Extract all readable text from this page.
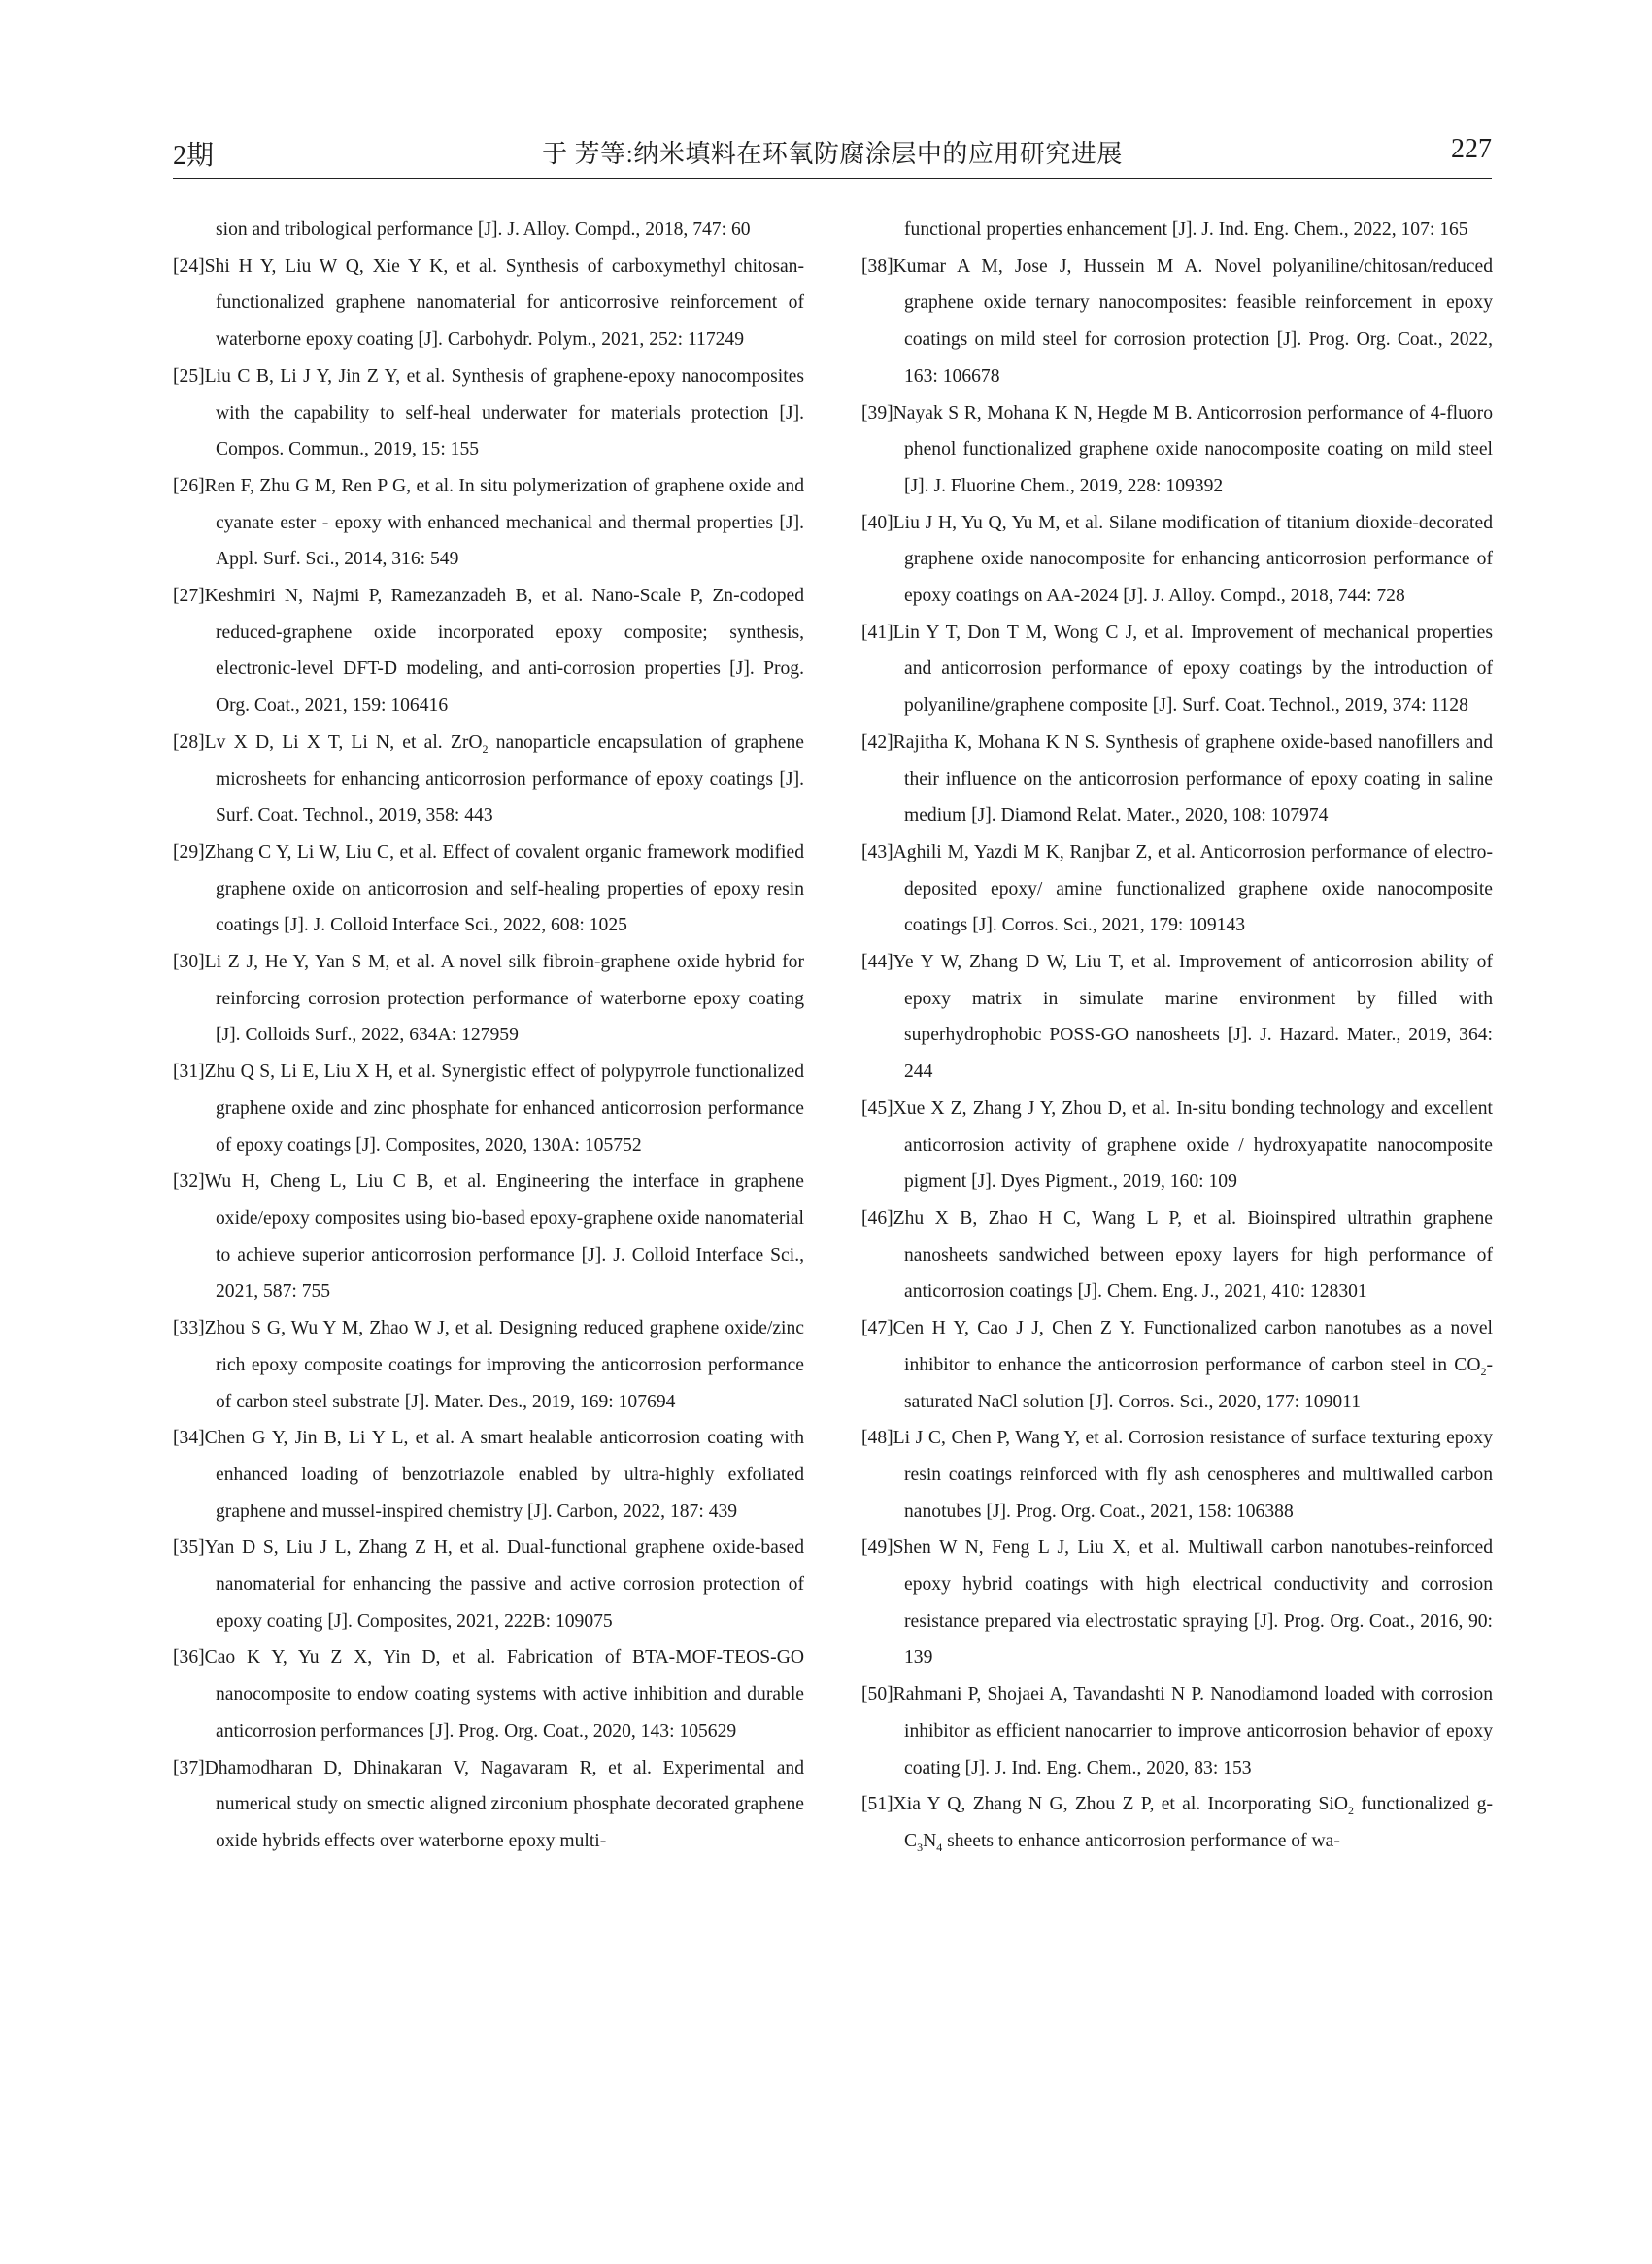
2期	于 芳等:纳米填料在环氧防腐涂层中的应用研究进展	227
sion and tribological performance [J]. J. Alloy. Compd., 2018, 747: 60
[24]Shi H Y, Liu W Q, Xie Y K, et al. Synthesis of carboxymethyl chitosan-functionalized graphene nanomaterial for anticorrosive reinforcement of waterborne epoxy coating [J]. Carbohydr. Polym., 2021, 252: 117249
[25]Liu C B, Li J Y, Jin Z Y, et al. Synthesis of graphene-epoxy nanocomposites with the capability to self-heal underwater for materials protection [J]. Compos. Commun., 2019, 15: 155
[26]Ren F, Zhu G M, Ren P G, et al. In situ polymerization of graphene oxide and cyanate ester - epoxy with enhanced mechanical and thermal properties [J]. Appl. Surf. Sci., 2014, 316: 549
[27]Keshmiri N, Najmi P, Ramezanzadeh B, et al. Nano-Scale P, Zn-codoped reduced-graphene oxide incorporated epoxy composite; synthesis, electronic-level DFT-D modeling, and anti-corrosion properties [J]. Prog. Org. Coat., 2021, 159: 106416
[28]Lv X D, Li X T, Li N, et al. ZrO$_2$ nanoparticle encapsulation of graphene microsheets for enhancing anticorrosion performance of epoxy coatings [J]. Surf. Coat. Technol., 2019, 358: 443
[29]Zhang C Y, Li W, Liu C, et al. Effect of covalent organic framework modified graphene oxide on anticorrosion and self-healing properties of epoxy resin coatings [J]. J. Colloid Interface Sci., 2022, 608: 1025
[30]Li Z J, He Y, Yan S M, et al. A novel silk fibroin-graphene oxide hybrid for reinforcing corrosion protection performance of waterborne epoxy coating [J]. Colloids Surf., 2022, 634A: 127959
[31]Zhu Q S, Li E, Liu X H, et al. Synergistic effect of polypyrrole functionalized graphene oxide and zinc phosphate for enhanced anticorrosion performance of epoxy coatings [J]. Composites, 2020, 130A: 105752
[32]Wu H, Cheng L, Liu C B, et al. Engineering the interface in graphene oxide/epoxy composites using bio-based epoxy-graphene oxide nanomaterial to achieve superior anticorrosion performance [J]. J. Colloid Interface Sci., 2021, 587: 755
[33]Zhou S G, Wu Y M, Zhao W J, et al. Designing reduced graphene oxide/zinc rich epoxy composite coatings for improving the anticorrosion performance of carbon steel substrate [J]. Mater. Des., 2019, 169: 107694
[34]Chen G Y, Jin B, Li Y L, et al. A smart healable anticorrosion coating with enhanced loading of benzotriazole enabled by ultra-highly exfoliated graphene and mussel-inspired chemistry [J]. Carbon, 2022, 187: 439
[35]Yan D S, Liu J L, Zhang Z H, et al. Dual-functional graphene oxide-based nanomaterial for enhancing the passive and active corrosion protection of epoxy coating [J]. Composites, 2021, 222B: 109075
[36]Cao K Y, Yu Z X, Yin D, et al. Fabrication of BTA-MOF-TEOS-GO nanocomposite to endow coating systems with active inhibition and durable anticorrosion performances [J]. Prog. Org. Coat., 2020, 143: 105629
[37]Dhamodharan D, Dhinakaran V, Nagavaram R, et al. Experimental and numerical study on smectic aligned zirconium phosphate decorated graphene oxide hybrids effects over waterborne epoxy multi-
functional properties enhancement [J]. J. Ind. Eng. Chem., 2022, 107: 165
[38]Kumar A M, Jose J, Hussein M A. Novel polyaniline/chitosan/reduced graphene oxide ternary nanocomposites: feasible reinforcement in epoxy coatings on mild steel for corrosion protection [J]. Prog. Org. Coat., 2022, 163: 106678
[39]Nayak S R, Mohana K N, Hegde M B. Anticorrosion performance of 4-fluoro phenol functionalized graphene oxide nanocomposite coating on mild steel [J]. J. Fluorine Chem., 2019, 228: 109392
[40]Liu J H, Yu Q, Yu M, et al. Silane modification of titanium dioxide-decorated graphene oxide nanocomposite for enhancing anticorrosion performance of epoxy coatings on AA-2024 [J]. J. Alloy. Compd., 2018, 744: 728
[41]Lin Y T, Don T M, Wong C J, et al. Improvement of mechanical properties and anticorrosion performance of epoxy coatings by the introduction of polyaniline/graphene composite [J]. Surf. Coat. Technol., 2019, 374: 1128
[42]Rajitha K, Mohana K N S. Synthesis of graphene oxide-based nanofillers and their influence on the anticorrosion performance of epoxy coating in saline medium [J]. Diamond Relat. Mater., 2020, 108: 107974
[43]Aghili M, Yazdi M K, Ranjbar Z, et al. Anticorrosion performance of electro-deposited epoxy/ amine functionalized graphene oxide nanocomposite coatings [J]. Corros. Sci., 2021, 179: 109143
[44]Ye Y W, Zhang D W, Liu T, et al. Improvement of anticorrosion ability of epoxy matrix in simulate marine environment by filled with superhydrophobic POSS-GO nanosheets [J]. J. Hazard. Mater., 2019, 364: 244
[45]Xue X Z, Zhang J Y, Zhou D, et al. In-situ bonding technology and excellent anticorrosion activity of graphene oxide / hydroxyapatite nanocomposite pigment [J]. Dyes Pigment., 2019, 160: 109
[46]Zhu X B, Zhao H C, Wang L P, et al. Bioinspired ultrathin graphene nanosheets sandwiched between epoxy layers for high performance of anticorrosion coatings [J]. Chem. Eng. J., 2021, 410: 128301
[47]Cen H Y, Cao J J, Chen Z Y. Functionalized carbon nanotubes as a novel inhibitor to enhance the anticorrosion performance of carbon steel in $CO_2$-saturated NaCl solution [J]. Corros. Sci., 2020, 177: 109011
[48]Li J C, Chen P, Wang Y, et al. Corrosion resistance of surface texturing epoxy resin coatings reinforced with fly ash cenospheres and multiwalled carbon nanotubes [J]. Prog. Org. Coat., 2021, 158: 106388
[49]Shen W N, Feng L J, Liu X, et al. Multiwall carbon nanotubes-reinforced epoxy hybrid coatings with high electrical conductivity and corrosion resistance prepared via electrostatic spraying [J]. Prog. Org. Coat., 2016, 90: 139
[50]Rahmani P, Shojaei A, Tavandashti N P. Nanodiamond loaded with corrosion inhibitor as efficient nanocarrier to improve anticorrosion behavior of epoxy coating [J]. J. Ind. Eng. Chem., 2020, 83: 153
[51]Xia Y Q, Zhang N G, Zhou Z P, et al. Incorporating SiO$_2$ functionalized $g-C_3N_4$ sheets to enhance anticorrosion performance of wa-
